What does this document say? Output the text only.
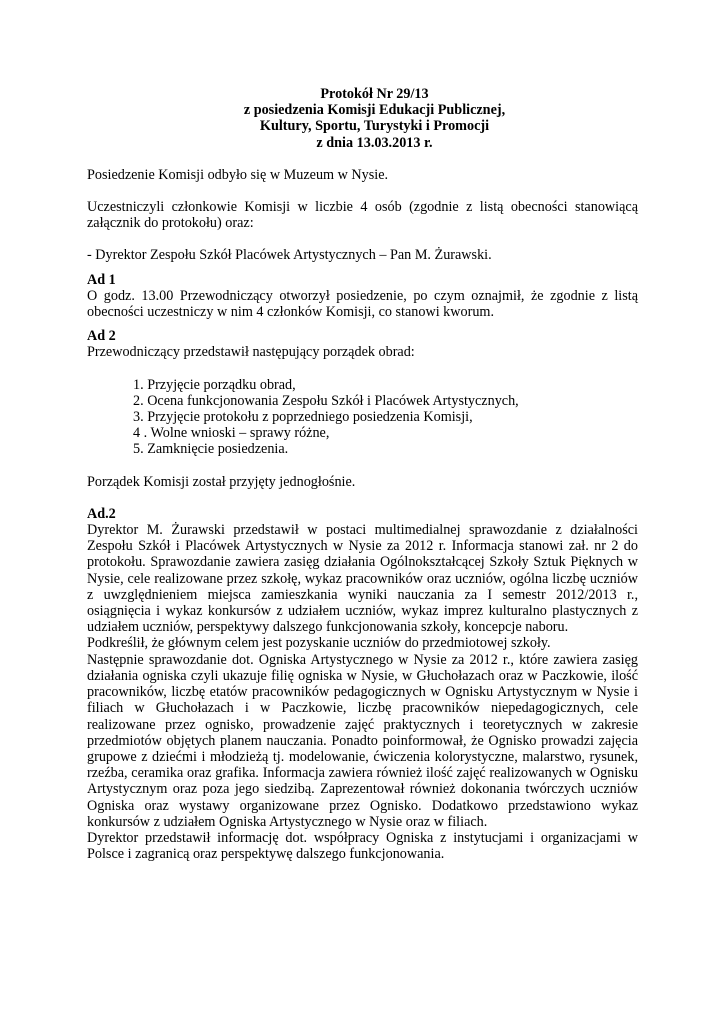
Protokół Nr 29/13
z posiedzenia Komisji Edukacji Publicznej,
Kultury, Sportu, Turystyki i Promocji
z dnia 13.03.2013 r.

Posiedzenie Komisji odbyło się w Muzeum w Nysie.

Uczestniczyli członkowie Komisji w liczbie 4 osób (zgodnie z listą obecności stanowiącą załącznik do protokołu) oraz:

- Dyrektor Zespołu Szkół Placówek Artystycznych – Pan M. Żurawski.

Ad 1

O godz. 13.00 Przewodniczący otworzył posiedzenie, po czym oznajmił, że zgodnie z listą obecności uczestniczy w nim 4 członków Komisji, co stanowi kworum.

Ad 2

Przewodniczący przedstawił następujący porządek obrad:

1. Przyjęcie porządku obrad,
2. Ocena funkcjonowania Zespołu Szkół i Placówek Artystycznych,
3. Przyjęcie protokołu z poprzedniego posiedzenia Komisji,
4 . Wolne wnioski – sprawy różne,
5. Zamknięcie posiedzenia.

Porządek Komisji został przyjęty jednogłośnie.

Ad.2

Dyrektor M. Żurawski przedstawił w postaci multimedialnej sprawozdanie z działalności Zespołu Szkół i Placówek Artystycznych w Nysie za 2012 r. Informacja stanowi zał. nr 2 do protokołu. Sprawozdanie zawiera zasięg działania Ogólnokształcącej Szkoły Sztuk Pięknych w Nysie, cele realizowane przez szkołę, wykaz pracowników oraz uczniów, ogólna liczbę uczniów z uwzględnieniem miejsca zamieszkania wyniki nauczania za I semestr 2012/2013 r., osiągnięcia i wykaz konkursów z udziałem uczniów, wykaz imprez kulturalno plastycznych z udziałem uczniów, perspektywy dalszego funkcjonowania szkoły, koncepcje naboru.

Podkreślił, że głównym celem jest pozyskanie uczniów do przedmiotowej szkoły.

Następnie sprawozdanie dot. Ogniska Artystycznego w Nysie za 2012 r., które zawiera zasięg działania ogniska czyli ukazuje filię ogniska w Nysie, w Głuchołazach oraz w Paczkowie, ilość pracowników, liczbę etatów pracowników pedagogicznych w Ognisku Artystycznym w Nysie i filiach w Głuchołazach i w Paczkowie, liczbę pracowników niepedagogicznych, cele realizowane przez ognisko, prowadzenie zajęć praktycznych i teoretycznych w zakresie przedmiotów objętych planem nauczania. Ponadto poinformował, że Ognisko prowadzi zajęcia grupowe z dziećmi i młodzieżą tj. modelowanie, ćwiczenia kolorystyczne, malarstwo, rysunek, rzeźba, ceramika oraz grafika. Informacja zawiera również ilość zajęć realizowanych w Ognisku Artystycznym oraz poza jego siedzibą. Zaprezentował również dokonania twórczych uczniów Ogniska oraz wystawy organizowane przez Ognisko. Dodatkowo przedstawiono wykaz konkursów z udziałem Ogniska Artystycznego w Nysie oraz w filiach.

Dyrektor przedstawił informację dot. współpracy Ogniska z instytucjami i organizacjami w Polsce i zagranicą oraz perspektywę dalszego funkcjonowania.
